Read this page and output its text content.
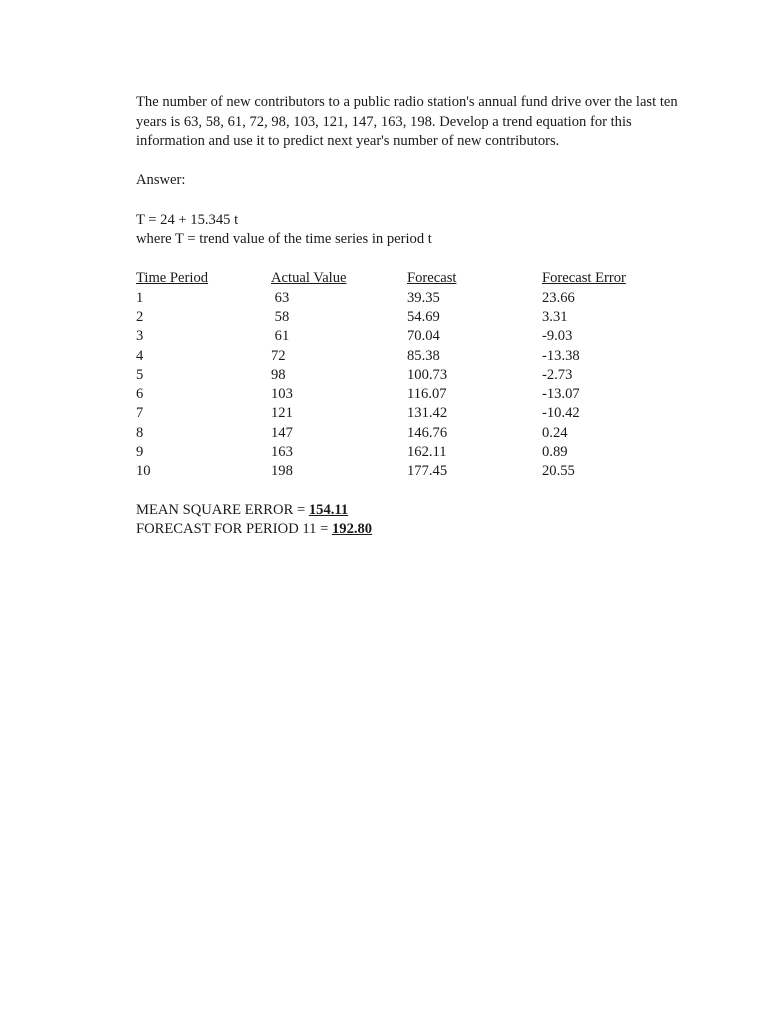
The number of new contributors to a public radio station's annual fund drive over the last ten years is 63, 58, 61, 72, 98, 103, 121, 147, 163, 198. Develop a trend equation for this information and use it to predict next year's number of new contributors.

Answer:

T = 24 + 15.345 t

where T = trend value of the time series in period t

Time Period	Actual Value	Forecast	Forecast Error
1	63	39.35	23.66
2	58	54.69	3.31
3	61	70.04	-9.03
4	72	85.38	-13.38
5	98	100.73	-2.73
6	103	116.07	-13.07
7	121	131.42	-10.42
8	147	146.76	0.24
9	163	162.11	0.89
10	198	177.45	20.55

MEAN SQUARE ERROR = 154.11

FORECAST FOR PERIOD 11 = 192.80
